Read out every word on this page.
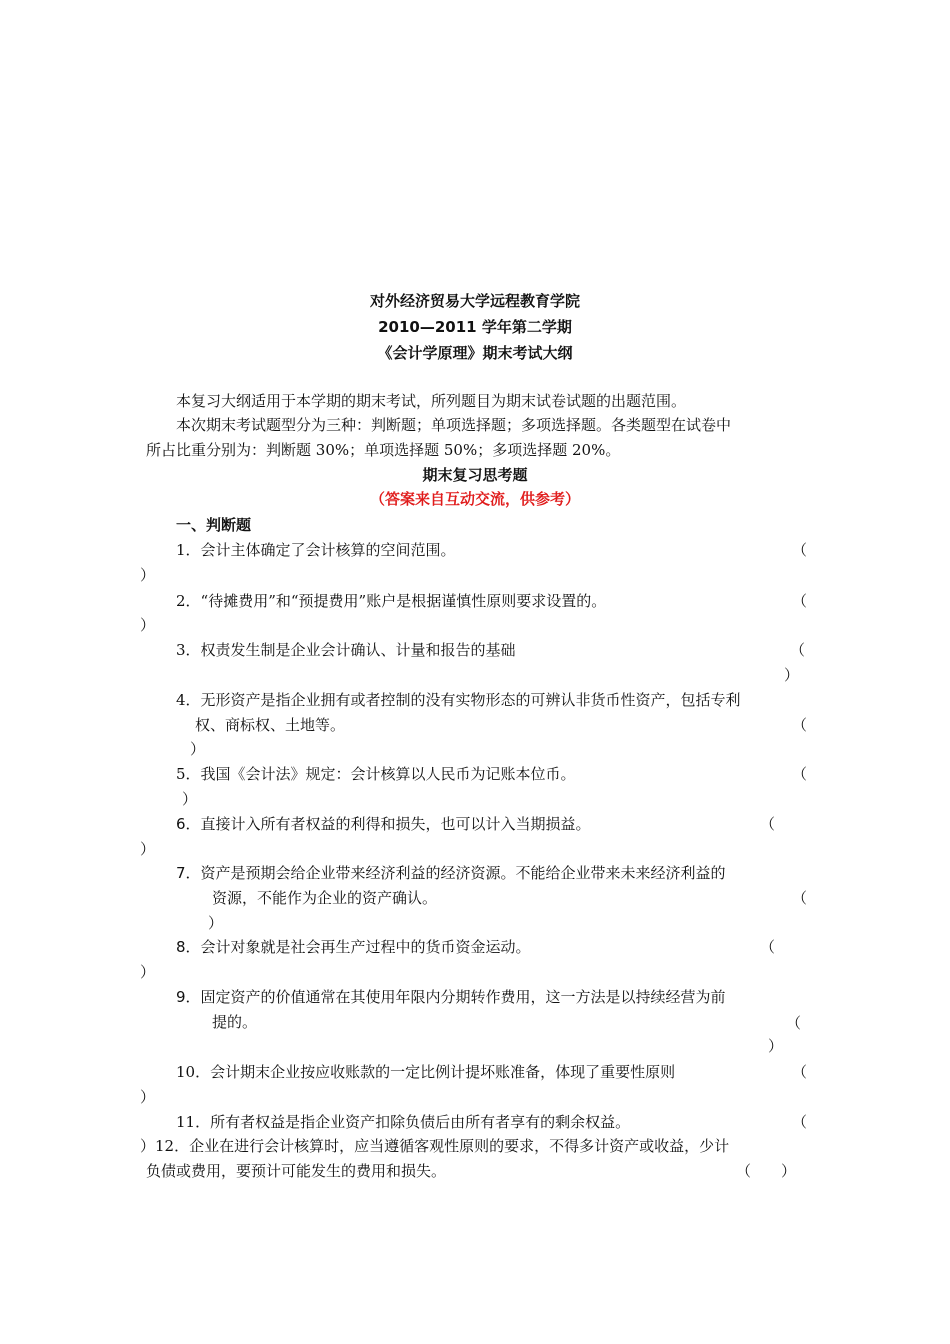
对外经济贸易大学远程教育学院
2010—2011 学年第二学期
《会计学原理》期末考试大纲
本复习大纲适用于本学期的期末考试，所列题目为期末试卷试题的出题范围。
本次期末考试题型分为三种：判断题；单项选择题；多项选择题。各类题型在试卷中
所占比重分别为：判断题 30%；单项选择题 50%；多项选择题 20%。
期末复习思考题
（答案来自互动交流，供参考）
一、判断题
1．会计主体确定了会计核算的空间范围。	（
）
2．“待摊费用”和“预提费用”账户是根据谨慎性原则要求设置的。	（
）
3．权责发生制是企业会计确认、计量和报告的基础	（
）
4．无形资产是指企业拥有或者控制的没有实物形态的可辨认非货币性资产，包括专利
权、商标权、土地等。	（
）
5．我国《会计法》规定：会计核算以人民币为记账本位币。	（
）
6．直接计入所有者权益的利得和损失，也可以计入当期损益。	（
）
7．资产是预期会给企业带来经济利益的经济资源。不能给企业带来未来经济利益的
资源，不能作为企业的资产确认。	（
）
8．会计对象就是社会再生产过程中的货币资金运动。	（
）
9．固定资产的价值通常在其使用年限内分期转作费用，这一方法是以持续经营为前
提的。	（
）
10．会计期末企业按应收账款的一定比例计提坏账准备，体现了重要性原则	（
）
11．所有者权益是指企业资产扣除负债后由所有者享有的剩余权益。	（
）12．企业在进行会计核算时，应当遵循客观性原则的要求，不得多计资产或收益，少计
负债或费用，要预计可能发生的费用和损失。	（　　）
